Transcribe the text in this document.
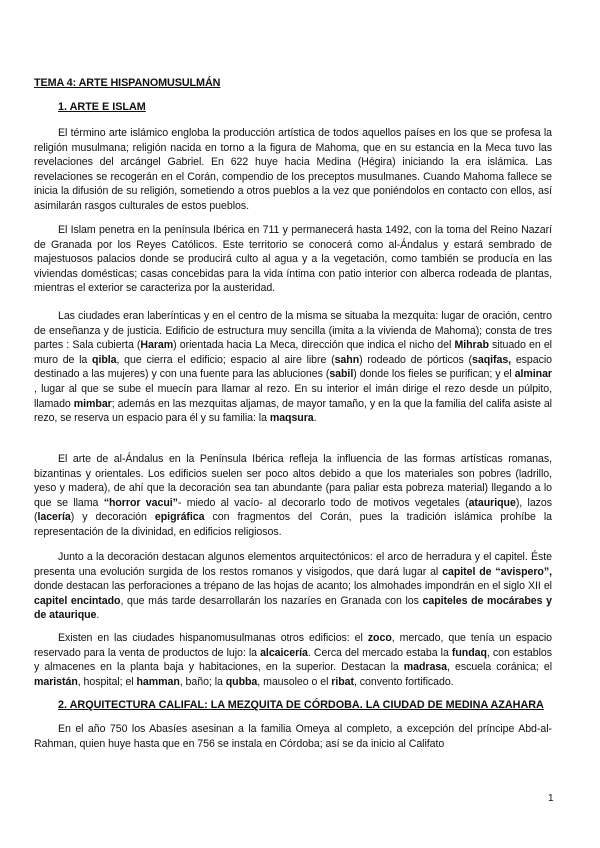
TEMA 4: ARTE HISPANOMUSULMÁN
1. ARTE E ISLAM

El término arte islámico engloba la producción artística de todos aquellos países en los que se profesa la religión musulmana; religión nacida en torno a la figura de Mahoma, que en su estancia en la Meca tuvo las revelaciones del arcángel Gabriel. En 622 huye hacia Medina (Hégira) iniciando la era islámica. Las revelaciones se recogerán en el Corán, compendio de los preceptos musulmanes. Cuando Mahoma fallece se inicia la difusión de su religión, sometiendo a otros pueblos a la vez que poniéndolos en contacto con ellos, así asimilarán rasgos culturales de estos pueblos.

El Islam penetra en la península Ibérica en 711 y permanecerá hasta 1492, con la toma del Reino Nazarí de Granada por los Reyes Católicos. Este territorio se conocerá como al-Ándalus y estará sembrado de majestuosos palacios donde se producirá culto al agua y a la vegetación, como también se producía en las viviendas domésticas; casas concebidas para la vida íntima con patio interior con alberca rodeada de plantas, mientras el exterior se caracteriza por la austeridad.

Las ciudades eran laberínticas y en el centro de la misma se situaba la mezquita: lugar de oración, centro de enseñanza y de justicia. Edificio de estructura muy sencilla (imita a la vivienda de Mahoma); consta de tres partes : Sala cubierta (Haram) orientada hacia La Meca, dirección que indica el nicho del Mihrab situado en el muro de la qibla, que cierra el edificio; espacio al aire libre (sahn) rodeado de pórticos (saqifas, espacio destinado a las mujeres) y con una fuente para las abluciones (sabil) donde los fieles se purifican; y el alminar , lugar al que se sube el muecín para llamar al rezo. En su interior el imán dirige el rezo desde un púlpito, llamado mimbar; además en las mezquitas aljamas, de mayor tamaño, y en la que la familia del califa asiste al rezo, se reserva un espacio para él y su familia: la maqsura.

El arte de al-Ándalus en la Península Ibérica refleja la influencia de las formas artísticas romanas, bizantinas y orientales. Los edificios suelen ser poco altos debido a que los materiales son pobres (ladrillo, yeso y madera), de ahí que la decoración sea tan abundante (para paliar esta pobreza material) llegando a lo que se llama “horror vacui”- miedo al vacío- al decorarlo todo de motivos vegetales (ataurique), lazos (lacería) y decoración epigráfica con fragmentos del Corán, pues la tradición islámica prohíbe la representación de la divinidad, en edificios religiosos.

Junto a la decoración destacan algunos elementos arquitectónicos: el arco de herradura y el capitel. Éste presenta una evolución surgida de los restos romanos y visigodos, que dará lugar al capitel de “avispero”, donde destacan las perforaciones a trépano de las hojas de acanto; los almohades impondrán en el siglo XII el capitel encintado, que más tarde desarrollarán los nazaríes en Granada con los capiteles de mocárabes y de ataurique.

Existen en las ciudades hispanomusulmanas otros edificios: el zoco, mercado, que tenía un espacio reservado para la venta de productos de lujo: la alcaicería. Cerca del mercado estaba la fundaq, con establos y almacenes en la planta baja y habitaciones, en la superior. Destacan la madrasa, escuela coránica; el maristán, hospital; el hamman, baño; la qubba, mausoleo o el ribat, convento fortificado.

2. ARQUITECTURA CALIFAL: LA MEZQUITA DE CÓRDOBA. LA CIUDAD DE MEDINA AZAHARA

En el año 750 los Abasíes asesinan a la familia Omeya al completo, a excepción del príncipe Abd-al-Rahman, quien huye hasta que en 756 se instala en Córdoba; así se da inicio al Califato

1
